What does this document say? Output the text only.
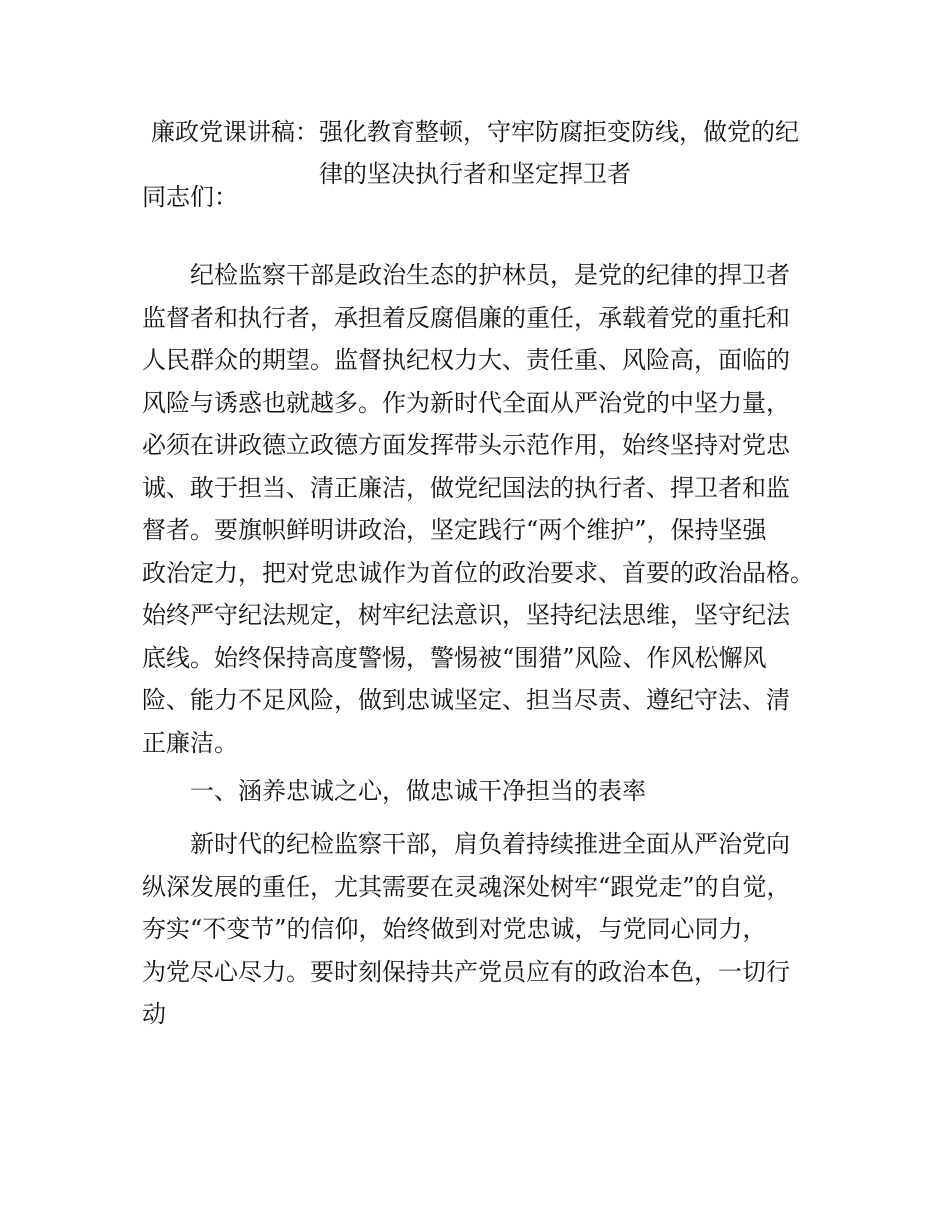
廉政党课讲稿：强化教育整顿，守牢防腐拒变防线，做党的纪
律的坚决执行者和坚定捍卫者

同志们：

纪检监察干部是政治生态的护林员，是党的纪律的捍卫者
监督者和执行者，承担着反腐倡廉的重任，承载着党的重托和
人民群众的期望。监督执纪权力大、责任重、风险高，面临的
风险与诱惑也就越多。作为新时代全面从严治党的中坚力量，
必须在讲政德立政德方面发挥带头示范作用，始终坚持对党忠
诚、敢于担当、清正廉洁，做党纪国法的执行者、捍卫者和监
督者。要旗帜鲜明讲政治，坚定践行“两个维护”，保持坚强
政治定力，把对党忠诚作为首位的政治要求、首要的政治品格。
始终严守纪法规定，树牢纪法意识，坚持纪法思维，坚守纪法
底线。始终保持高度警惕，警惕被“围猎”风险、作风松懈风
险、能力不足风险，做到忠诚坚定、担当尽责、遵纪守法、清
正廉洁。

一、涵养忠诚之心，做忠诚干净担当的表率

新时代的纪检监察干部，肩负着持续推进全面从严治党向
纵深发展的重任，尤其需要在灵魂深处树牢“跟党走”的自觉，
夯实“不变节”的信仰，始终做到对党忠诚，与党同心同力，
为党尽心尽力。要时刻保持共产党员应有的政治本色，一切行
动
